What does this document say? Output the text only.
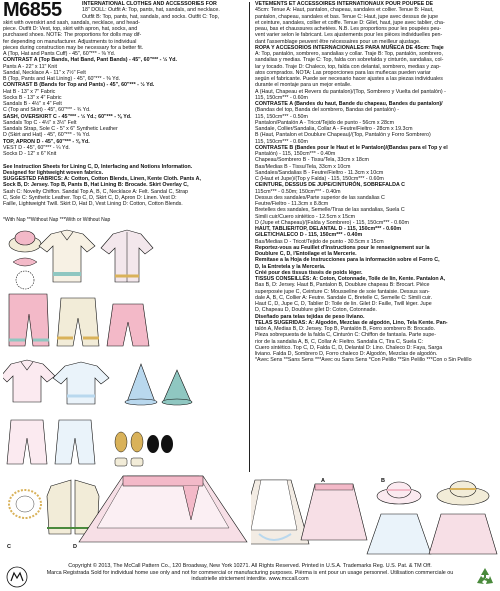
M6855	INTERNATIONAL CLOTHES AND ACCESSORIES FOR
18" DOLL: Outfit A: Top, pants, hat, sandals, and necklace.
Outfit B: Top, pants, hat, sandals, and socks. Outfit C: Top,
skirt with overskirt and sash, sandals, necklace, and head-
piece. Outfit D: Vest, top, skirt with apron, hat, socks, and
purchased shoes. NOTE: The proportions for dolls may dif-
fer depending on manufacturer. Adjustments to individual
pieces during construction may be necessary for a better fit.
A (Top, Hat and Pants Cuff) - 45", 60"*** - ⅜ Yd.
CONTRAST A (Top Bands, Hat Band, Pant Bands) - 45", 60"*** - ½ Yd.
Pants A - 22" x 11" Knit
Sandal, Necklace A - 11" x 7½" Felt
B (Top, Pants and Hat Lining) - 45", 60"*** - ⅜ Yd.
CONTRAST B (Bands for Top and Pants) - 45", 60"*** - ½ Yd.
Hat B - 13" x 7" Fabric
Socks B - 13" x 4" Fabric
Sandals B - 4½" x 4" Felt
C (Top and Skirt) - 45", 60"*** - ¾ Yd.
SASH, OVERSKIRT C - 45"*** - ½ Yd.; 60"*** - ⅜ Yd.
Sandals Top C - 4½" x 3½" Felt
Sandals Strap, Sole C - 5" x 6" Synthetic Leather
D (Skirt and Hat) - 45", 60"*** - ⅜ Yd.
TOP, APRON D - 45", 60"*** - ⅜ Yd.
VEST D - 45", 60"*** - ¼ Yd.
Socks D - 12" x 6" Knit
See Instruction Sheets for Lining C, D, Interfacing and Notions Information.
Designed for lightweight woven fabrics.
SUGGESTED FABRICS: A: Cotton, Cotton Blends, Linen, Kente Cloth. Pants A,
Sock B, D: Jersey. Top B, Pants B, Hat Lining B: Brocade. Skirt Overlay C,
Sash C: Novelty Chiffon. Sandal Top A, B, C, Necklace A: Felt. Sandal C, Strap
C, Sole C: Synthetic Leather. Top C, D, Skirt C, D, Apron D: Linen. Vest D:
Faille, Lightweight Twill. Skirt D, Hat D, Vest Lining D: Cotton, Cotton Blends.
VÊTEMENTS ET ACCESSOIRES INTERNATIONAUX POUR POUPÉE DE
45cm: Tenue A: Haut, pantalon, chapeau, sandales et collier. Tenue B: Haut,
pantalon, chapeau, sandales et bas. Tenue C: Haut, jupe avec dessus de jupe
et ceinture, sandales, collier et coiffe. Tenue D: Gilet, haut, jupe avec tablier, cha-
peau, bas et chaussures achetées. N.B. Les proportions pour les poupées peu-
vent varier selon le fabricant. Les ajustements pour les pièces individuelles pen-
dant l'assemblage peuvent être nécessaires pour un meilleur ajustage.
ROPA Y ACCESORIOS INTERNACIONALES PARA MUÑECA DE 45cm: Traje
A: Top, pantalón, sombrero, sandalias y collar. Traje B: Top, pantalón, sombrero,
sandalias y medias. Traje C: Top, falda con sobrefalda y cinturón, sandalias, col-
lar y tocado. Traje D: Chaleco, top, falda con delantal, sombrero, medias y zap-
atos comprados. NOTA: Las proporciones para las muñecas pueden variar
según el fabricante. Puede ser necesario hacer ajustes a las piezas individuales
durante el montaje para un mejor entalle.
A (Haut, Chapeau et Revers du pantalon)/(Top, Sombrero y Vuelta del pantalón) -
115, 150cm*** - 0.60m
CONTRASTE A (Bandes du haut, Bande du chapeau, Bandes du pantalon)/
(Bandas del top, Banda del sombrero, Bandas del pantalón) -
115, 150cm*** - 0.50m
Pantalon/Pantalón A - Tricot/Tejido de punto - 56cm x 28cm
Sandale, Collier/Sandalia, Collar A - Feutre/Fieltro - 28cm x 19.3cm
B (Haut, Pantalon et Doublure Chapeau)/(Top, Pantalón y Forro Sombrero)
115, 150cm*** - 0.60m
CONTRASTE B (Bandes pour le Haut et le Pantalon)/(Bandas para el Top y el
Pantalón) - 115, 150cm*** - 0.40m
Chapeau/Sombrero B - Tissu/Tela, 33cm x 18cm
Bas/Medias B - Tissu/Tela, 33cm x 10cm
Sandales/Sandalias B - Feutre/Fieltro - 11.3cm x 10cm
C (Haut et Jupe)/(Top y Falda) - 115, 150cm*** - 0.60m
CEINTURE, DESSUS DE JUPE/CINTURÓN, SOBREFALDA C
115cm*** - 0.50m; 150cm*** - 0.40m
Dessus des sandales/Parte superior de las sandalias C
Feutre/Fieltro - 11.3cm x 8.8cm
Bretelles des sandales, Semelle/Tiras de las sandalias, Suela C
Simili cuir/Cuero sintético - 12.5cm x 15cm
D (Jupe et Chapeau)/(Falda y Sombrero) - 115, 150cm*** - 0.60m
HAUT, TABLIER/TOP, DELANTAL D - 115, 150cm*** - 0.60m
GILET/CHALECO D - 115, 150cm*** - 0.40m
Bas/Medias D - Tricot/Tejido de punto - 30.5cm x 15cm
Reportez-vous au Feuillet d'Instructions pour le renseignement sur la
Doublure C, D, l'Entoilage et la Mercerie.
Remítase a la Hoja de Instrucciones para la información sobre el Forro C,
D, la Entretela y la Mercería.
Créé pour des tissus tissés de poids léger.
TISSUS CONSEILLÉS: A: Coton, Cotonnade, Toile de lin, Kente. Pantalon A,
Bas B, D: Jersey. Haut B, Pantalon B, Doublure chapeau B: Brocart. Pièce
superposée jupe C, Ceinture C: Mousseline de soie fantaisie. Dessus san-
dale A, B, C, Collier A: Feutre. Sandale C, Bretelle C, Semelle C: Simili cuir.
Haut C, D, Jupe C, D, Tablier D: Toile de lin. Gilet D: Faille, Twill léger. Jupe
D, Chapeau D, Doublure gilet D: Coton, Cotonnade.
Diseñado para telas tejidas de peso liviano.
TELAS SUGERIDAS: A: Algodón, Mezclas de algodón, Lino, Tela Kente. Pan-
talón A, Medias B, D: Jersey. Top B, Pantalón B, Forro sombrero B: Brocado.
Pieza sobrepuesta de la falda C, Cinturón C: Chiffon de fantasía. Parte supe-
rior de la sandalia A, B, C, Collar A: Fieltro. Sandalia C, Tira C, Suela C:
Cuero sintético. Top C, D, Falda C, D, Delantal D: Lino. Chaleco D: Faya, Sarga
liviano. Falda D, Sombrero D, Forro chaleco D: Algodón, Mezclas de algodón.
*Avec Sens **Sans Sens ***Avec ou Sans Sens *Con Pelillo **Sin Pelillo ***Con o Sin Pelillo
*With Nap **Without Nap ***With or Without Nap
C	D
A	B
Copyright © 2013, The McCall Pattern Co., 120 Broadway, New York 10271. All Rights Reserved. Printed in U.S.A. Trademarks Reg. U.S. Pat. & TM Off.
Marca Registrada Sold for individual home use only and not for commercial or manufacturing purposes. Pièrma is ent pour un usage personnel. Utilisation commerciale ou
industrielle strictement interdite. www.mccall.com
